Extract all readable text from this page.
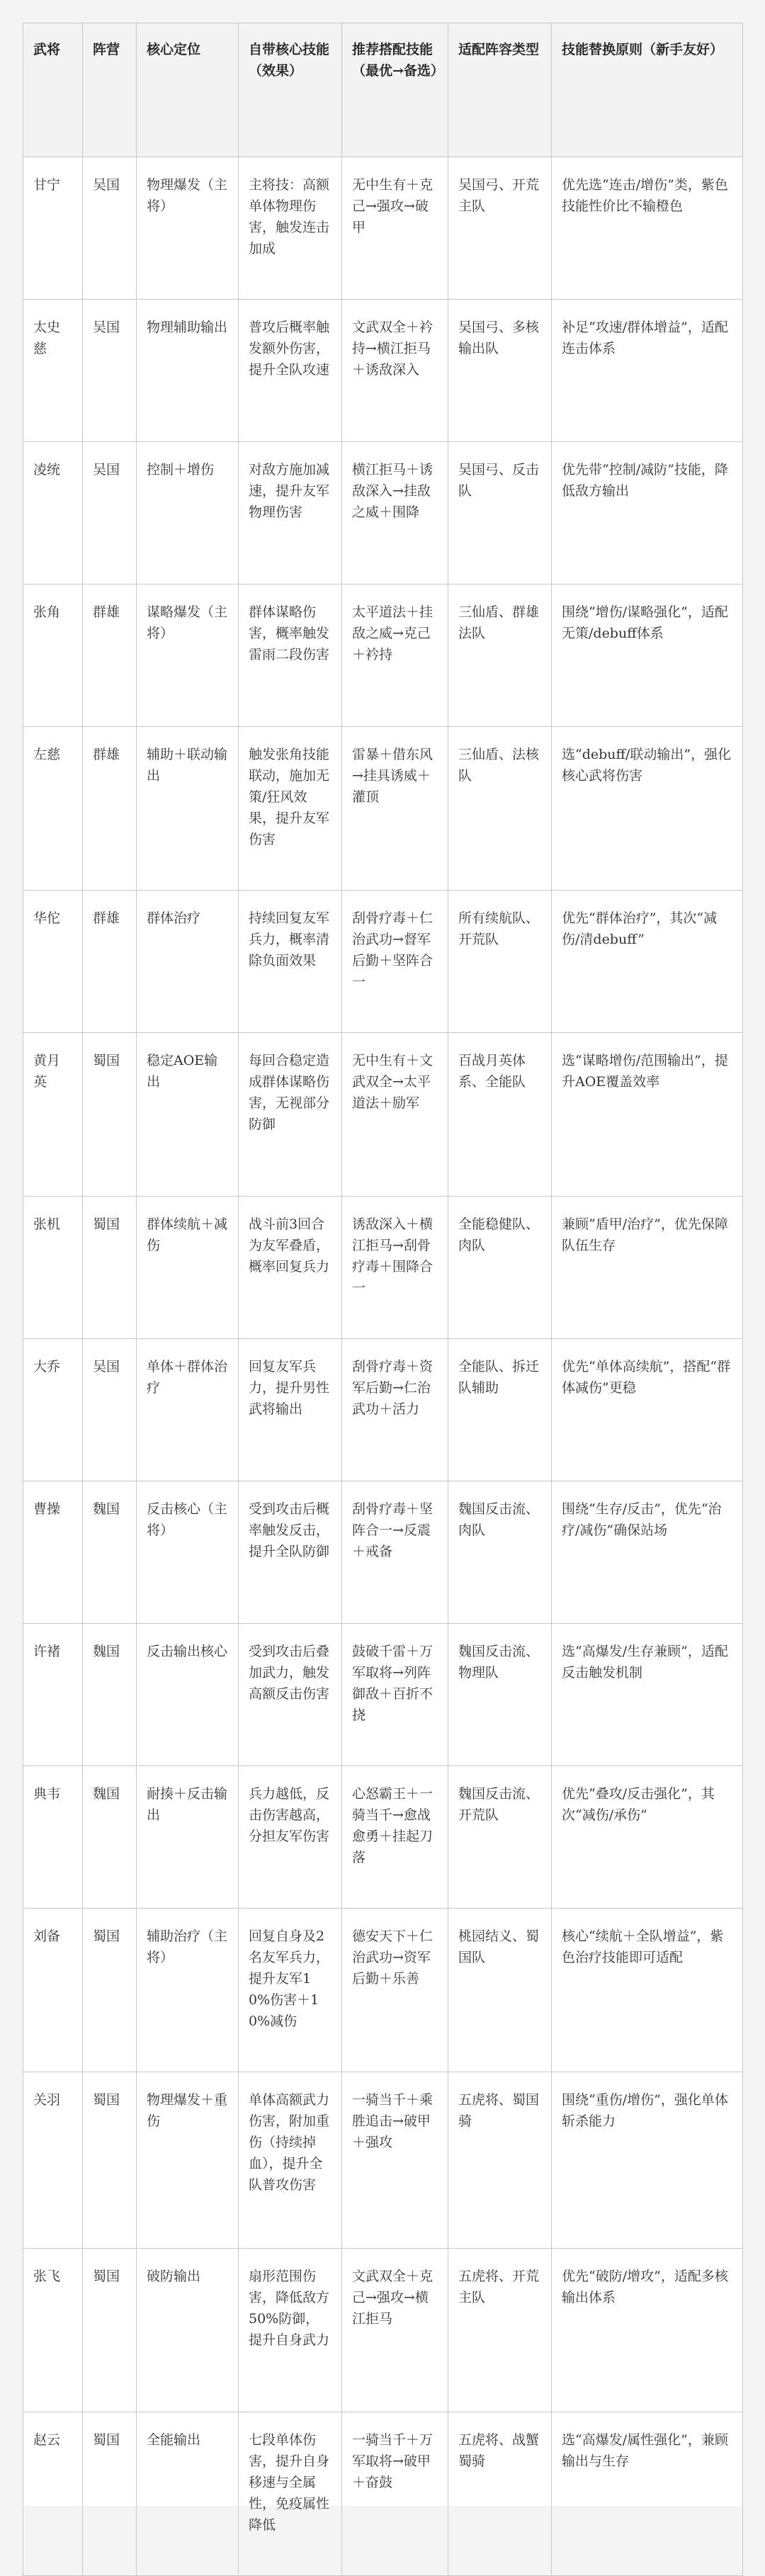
武将	阵营	核心定位	自带核心技能（效果）	推荐搭配技能（最优→备选）	适配阵容类型	技能替换原则（新手友好）
甘宁	吴国	物理爆发（主将）	主将技：高额单体物理伤害，触发连击加成	无中生有＋克己→强攻→破甲	吴国弓、开荒主队	优先选“连击/增伤”类，紫色技能性价比不输橙色
太史慈	吴国	物理辅助输出	普攻后概率触发额外伤害，提升全队攻速	文武双全＋衿持→横江拒马＋诱敌深入	吴国弓、多核输出队	补足“攻速/群体增益”，适配连击体系
凌统	吴国	控制＋增伤	对敌方施加减速，提升友军物理伤害	横江拒马＋诱敌深入→挂敌之威＋围降	吴国弓、反击队	优先带“控制/减防”技能，降低敌方输出
张角	群雄	谋略爆发（主将）	群体谋略伤害，概率触发雷雨二段伤害	太平道法＋挂敌之威→克己＋衿持	三仙盾、群雄法队	围绕“增伤/谋略强化”，适配无策/debuff体系
左慈	群雄	辅助＋联动输出	触发张角技能联动，施加无策/狂风效果，提升友军伤害	雷暴＋借东风→挂具诱威＋灌顶	三仙盾、法核队	选“debuff/联动输出”，强化核心武将伤害
华佗	群雄	群体治疗	持续回复友军兵力，概率清除负面效果	刮骨疗毒＋仁治武功→督军后勤＋坚阵合一	所有续航队、开荒队	优先“群体治疗”，其次“减伤/清debuff”
黄月英	蜀国	稳定AOE输出	每回合稳定造成群体谋略伤害，无视部分防御	无中生有＋文武双全→太平道法＋励军	百战月英体系、全能队	选“谋略增伤/范围输出”，提升AOE覆盖效率
张机	蜀国	群体续航＋减伤	战斗前3回合为友军叠盾，概率回复兵力	诱敌深入＋横江拒马→刮骨疗毒＋围降合一	全能稳健队、肉队	兼顾“盾甲/治疗”，优先保障队伍生存
大乔	吴国	单体＋群体治疗	回复友军兵力，提升男性武将输出	刮骨疗毒＋资军后勤→仁治武功＋活力	全能队、拆迁队辅助	优先“单体高续航”，搭配“群体减伤”更稳
曹操	魏国	反击核心（主将）	受到攻击后概率触发反击，提升全队防御	刮骨疗毒＋坚阵合一→反震＋戒备	魏国反击流、肉队	围绕“生存/反击”，优先“治疗/减伤”确保站场
许褚	魏国	反击输出核心	受到攻击后叠加武力，触发高额反击伤害	鼓破千雷＋万军取将→列阵御敌＋百折不挠	魏国反击流、物理队	选“高爆发/生存兼顾”，适配反击触发机制
典韦	魏国	耐揍＋反击输出	兵力越低，反击伤害越高，分担友军伤害	心怒霸王＋一骑当千→愈战愈勇＋挂起刀落	魏国反击流、开荒队	优先“叠攻/反击强化”，其次“减伤/承伤”
刘备	蜀国	辅助治疗（主将）	回复自身及2名友军兵力，提升友军10%伤害＋10%减伤	德安天下＋仁治武功→资军后勤＋乐善	桃园结义、蜀国队	核心“续航＋全队增益”，紫色治疗技能即可适配
关羽	蜀国	物理爆发＋重伤	单体高额武力伤害，附加重伤（持续掉血），提升全队普攻伤害	一骑当千＋乘胜追击→破甲＋强攻	五虎将、蜀国骑	围绕“重伤/增伤”，强化单体斩杀能力
张飞	蜀国	破防输出	扇形范围伤害，降低敌方50%防御，提升自身武力	文武双全＋克己→强攻→横江拒马	五虎将、开荒主队	优先“破防/增攻”，适配多核输出体系
赵云	蜀国	全能输出	七段单体伤害，提升自身移速与全属性，免疫属性降低	一骑当千＋万军取将→破甲＋奋鼓	五虎将、战蟹蜀骑	选“高爆发/属性强化”，兼顾输出与生存
